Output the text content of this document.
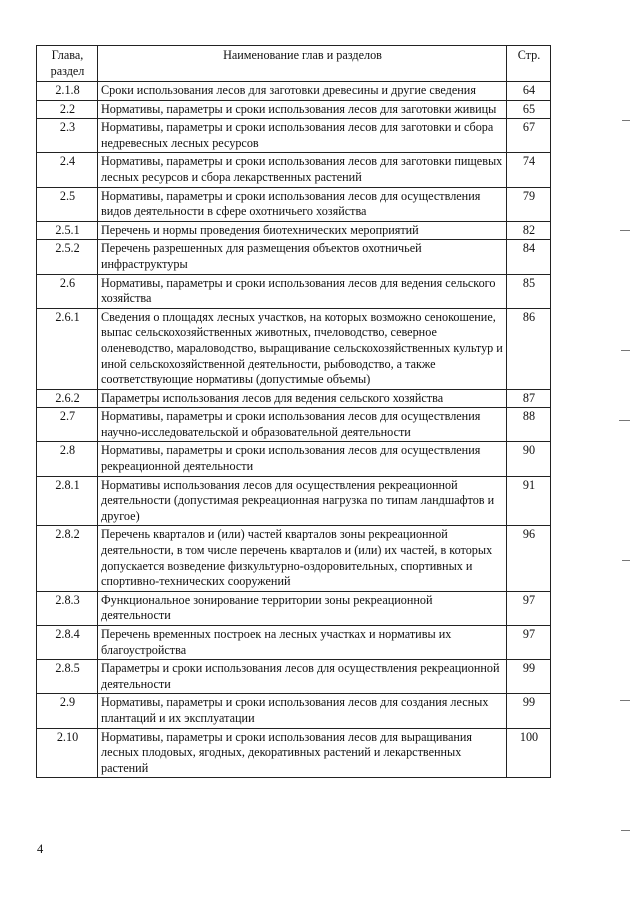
Глава, раздел	Наименование глав и разделов	Стр.
2.1.8	Сроки использования лесов для заготовки древесины и другие сведения	64
2.2	Нормативы, параметры и сроки использования лесов для заготовки живицы	65
2.3	Нормативы, параметры и сроки использования лесов для заготовки и сбора недревесных лесных ресурсов	67
2.4	Нормативы, параметры и сроки использования лесов для заготовки пищевых лесных ресурсов и сбора лекарственных растений	74
2.5	Нормативы, параметры и сроки использования лесов для осуществления видов деятельности в сфере охотничьего хозяйства	79
2.5.1	Перечень и нормы проведения биотехнических мероприятий	82
2.5.2	Перечень разрешенных для размещения объектов охотничьей инфраструктуры	84
2.6	Нормативы, параметры и сроки использования лесов для ведения сельского хозяйства	85
2.6.1	Сведения о площадях лесных участков, на которых возможно сенокошение, выпас сельскохозяйственных животных, пчеловодство, северное оленеводство, мараловодство, выращивание сельскохозяйственных культур и иной сельскохозяйственной деятельности, рыбоводство, а также соответствующие нормативы (допустимые объемы)	86
2.6.2	Параметры использования лесов для ведения сельского хозяйства	87
2.7	Нормативы, параметры и сроки использования лесов для осуществления научно-исследовательской и образовательной деятельности	88
2.8	Нормативы, параметры и сроки использования лесов для осуществления рекреационной деятельности	90
2.8.1	Нормативы использования лесов для осуществления рекреационной деятельности (допустимая рекреационная нагрузка по типам ландшафтов и другое)	91
2.8.2	Перечень кварталов и (или) частей кварталов зоны рекреационной деятельности, в том числе перечень кварталов и (или) их частей, в которых допускается возведение физкультурно-оздоровительных, спортивных и спортивно-технических сооружений	96
2.8.3	Функциональное зонирование территории зоны рекреационной деятельности	97
2.8.4	Перечень временных построек на лесных участках и нормативы их благоустройства	97
2.8.5	Параметры и сроки использования лесов для осуществления рекреационной деятельности	99
2.9	Нормативы, параметры и сроки использования лесов для создания лесных плантаций и их эксплуатации	99
2.10	Нормативы, параметры и сроки использования лесов для выращивания лесных плодовых, ягодных, декоративных растений и лекарственных растений	100
4
